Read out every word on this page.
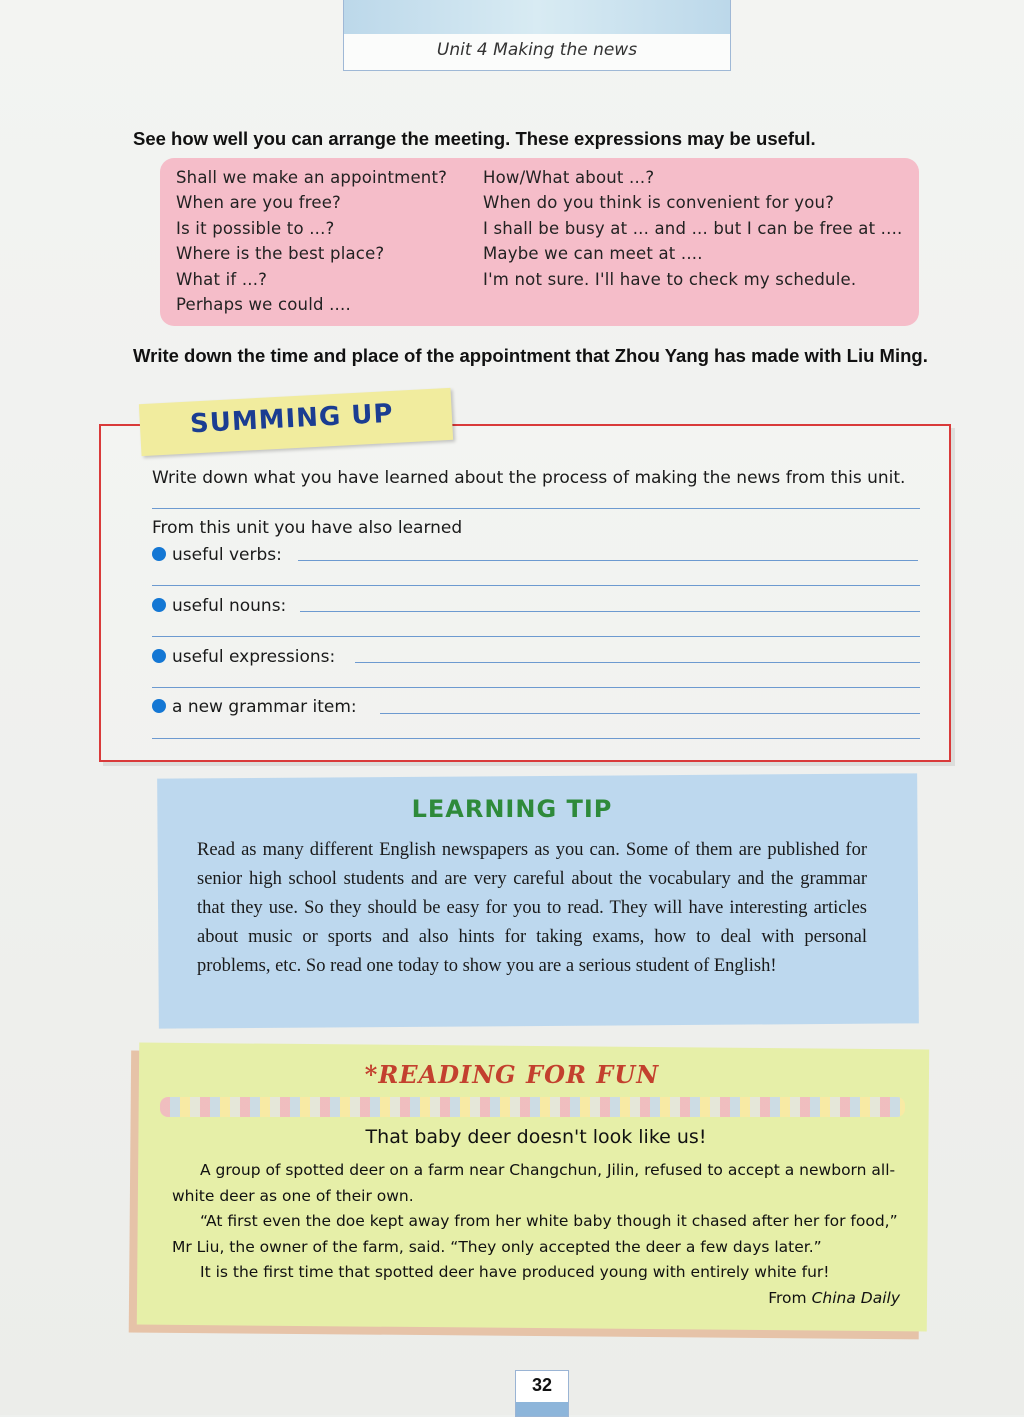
Unit 4 Making the news
See how well you can arrange the meeting. These expressions may be useful.
Shall we make an appointment?
When are you free?
Is it possible to ...?
Where is the best place?
What if ...?
Perhaps we could ....
How/What about ...?
When do you think is convenient for you?
I shall be busy at ... and ... but I can be free at ....
Maybe we can meet at ....
I'm not sure. I'll have to check my schedule.
Write down the time and place of the appointment that Zhou Yang has made with Liu Ming.
SUMMING UP
Write down what you have learned about the process of making the news from this unit.
From this unit you have also learned
useful verbs:
useful nouns:
useful expressions:
a new grammar item:
LEARNING TIP
Read as many different English newspapers as you can. Some of them are published for senior high school students and are very careful about the vocabulary and the grammar that they use. So they should be easy for you to read. They will have interesting articles about music or sports and also hints for taking exams, how to deal with personal problems, etc. So read one today to show you are a serious student of English!
*READING FOR FUN
That baby deer doesn't look like us!

A group of spotted deer on a farm near Changchun, Jilin, refused to accept a newborn all-white deer as one of their own.

“At first even the doe kept away from her white baby though it chased after her for food,” Mr Liu, the owner of the farm, said. “They only accepted the deer a few days later.”

It is the first time that spotted deer have produced young with entirely white fur!

From China Daily

32
